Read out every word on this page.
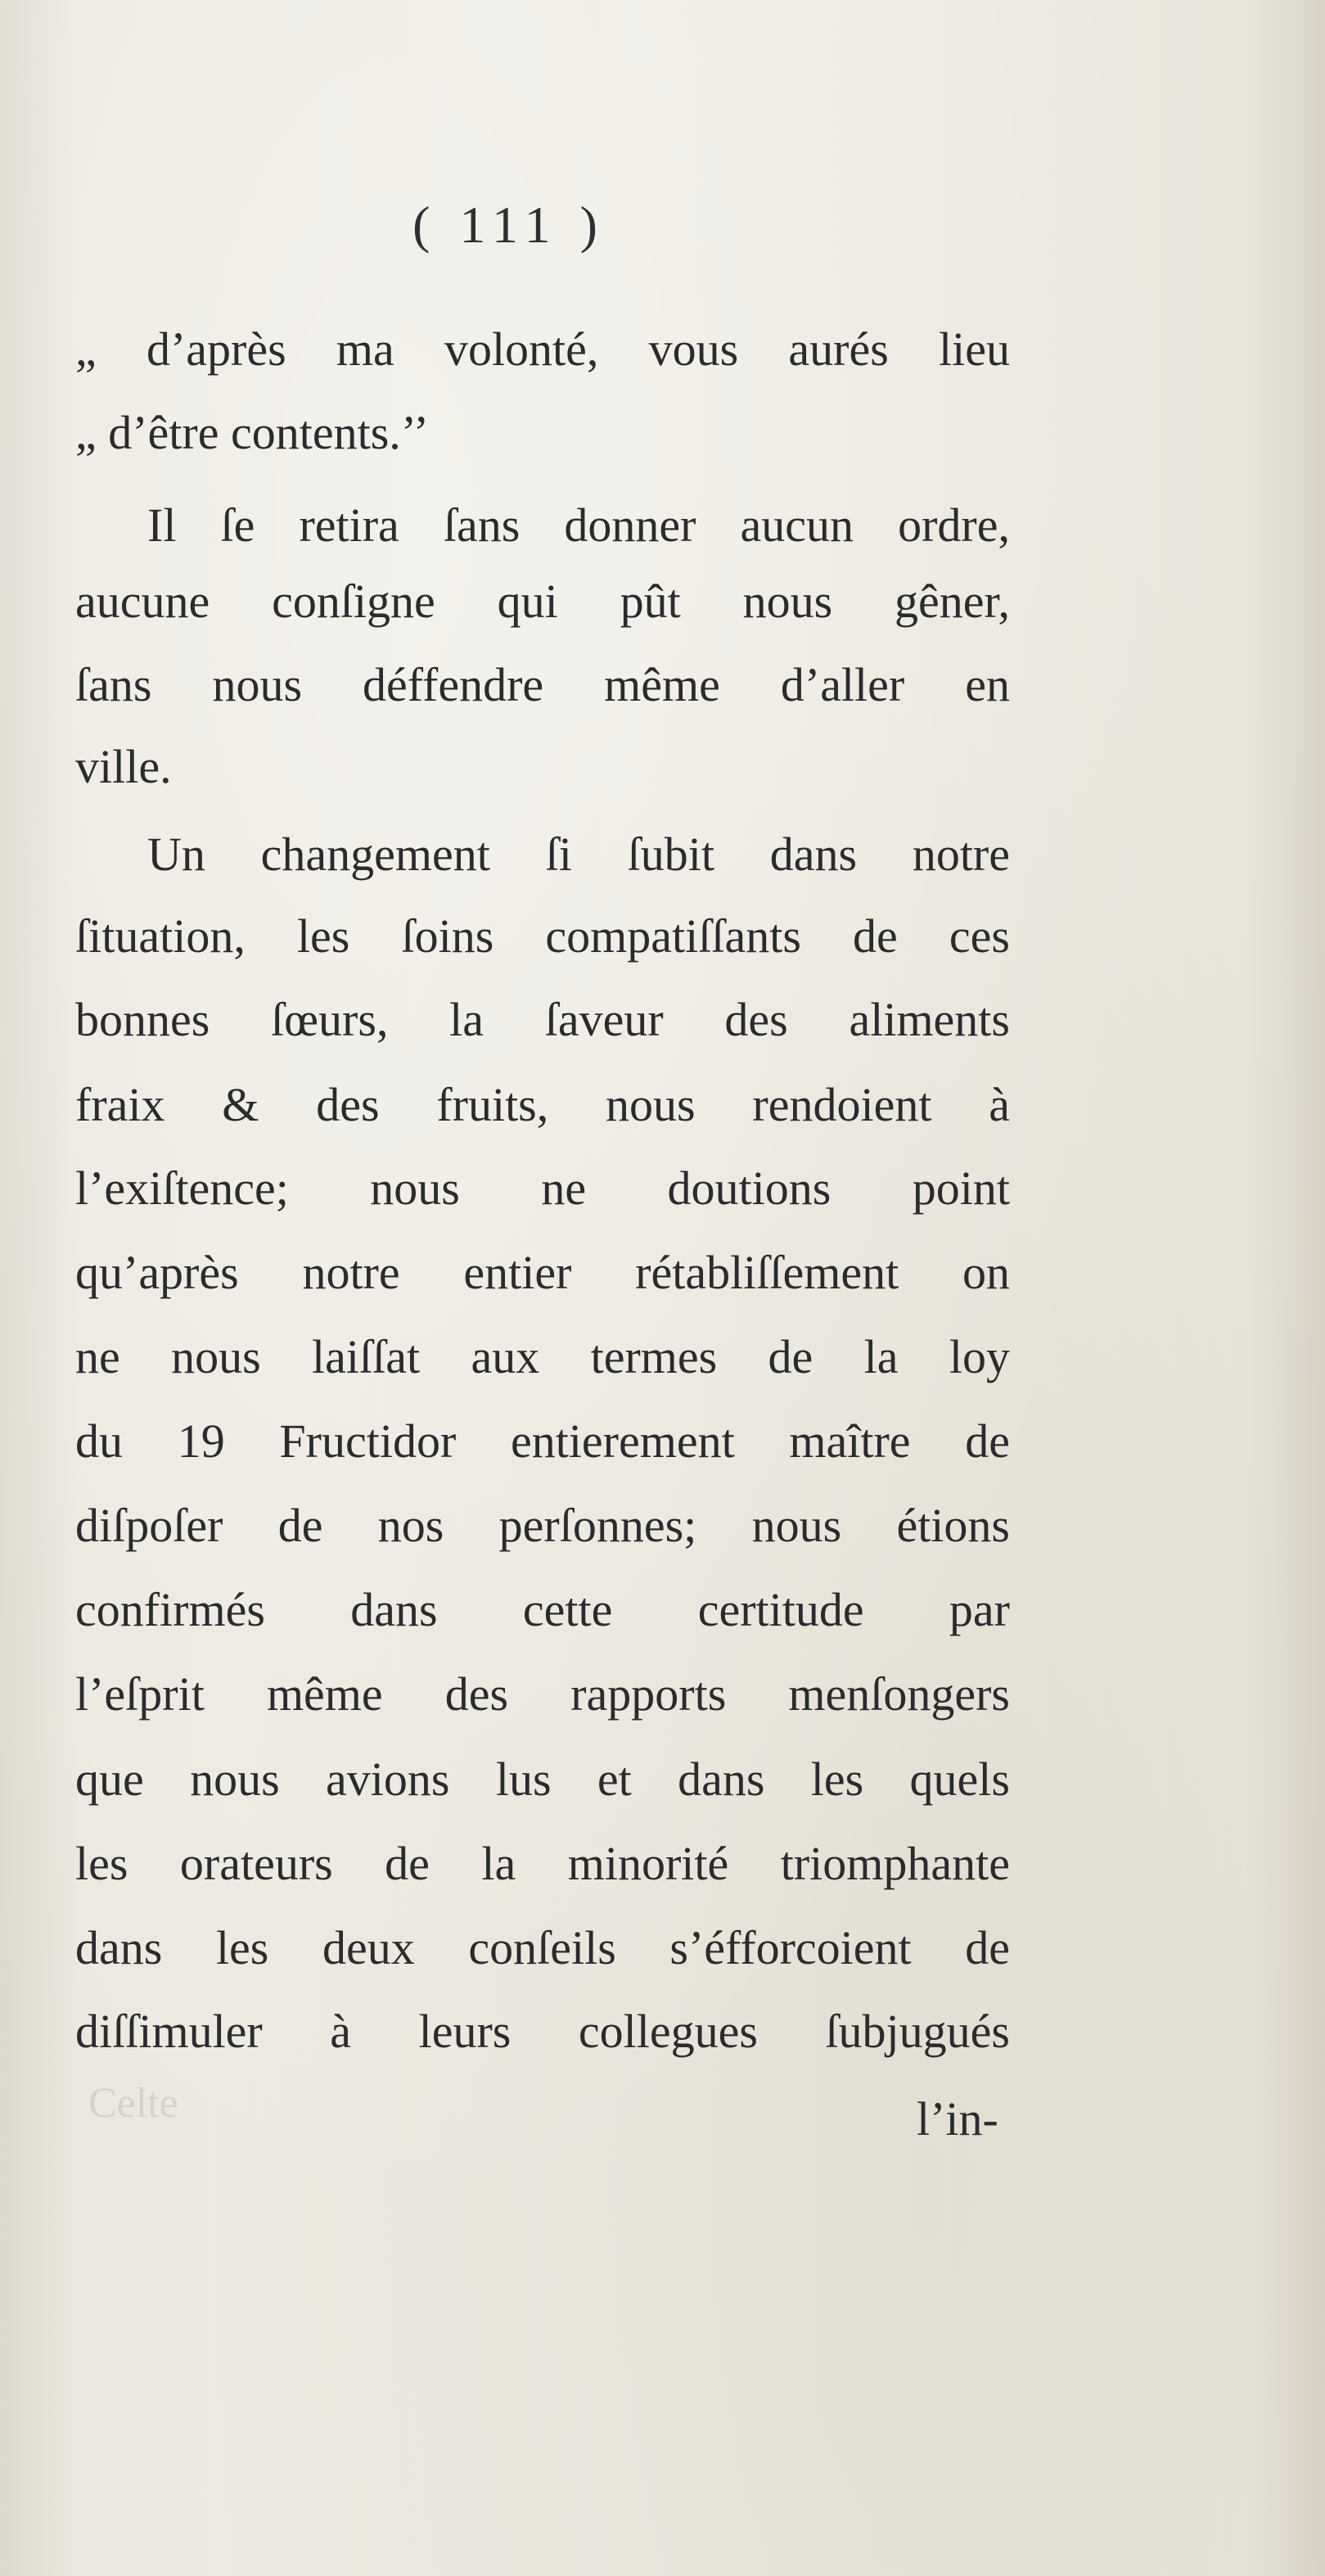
( 111 )
„ d’après ma volonté, vous aurés lieu
„ d’être contents.’’
Il ſe retira ſans donner aucun ordre,
aucune conſigne qui pût nous gêner,
ſans nous déffendre même d’aller en
ville.
Un changement ſi ſubit dans notre
ſituation, les ſoins compatiſſants de ces
bonnes ſœurs, la ſaveur des aliments
fraix & des fruits, nous rendoient à
l’exiſtence; nous ne doutions point
qu’après notre entier rétabliſſement on
ne nous laiſſat aux termes de la loy
du 19 Fructidor entierement maître de
diſpoſer de nos perſonnes; nous étions
confirmés dans cette certitude par
l’eſprit même des rapports menſongers
que nous avions lus et dans les quels
les orateurs de la minorité triomphante
dans les deux conſeils s’éfforcoient de
diſſimuler à leurs collegues ſubjugués
Celte	l’in-
